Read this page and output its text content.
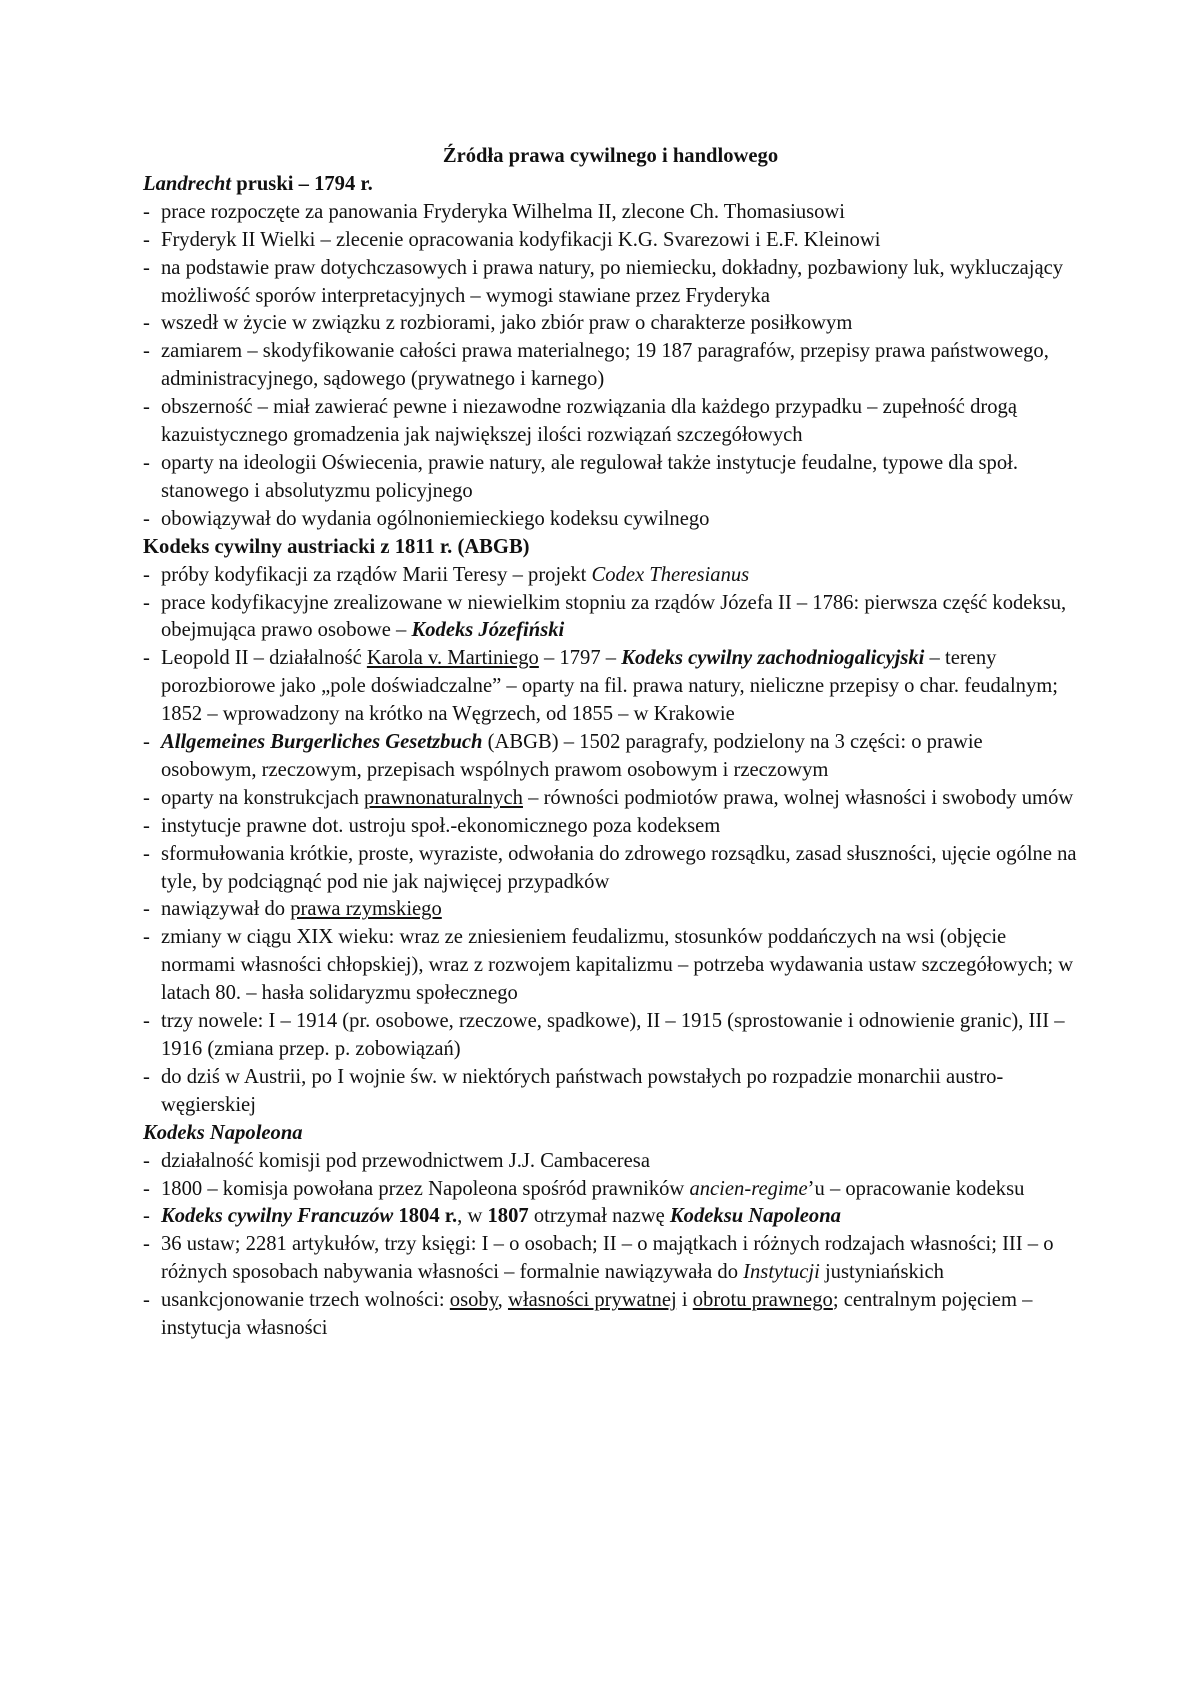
Źródła prawa cywilnego i handlowego
Landrecht pruski – 1794 r.
- prace rozpoczęte za panowania Fryderyka Wilhelma II, zlecone Ch. Thomasiusowi
- Fryderyk II Wielki – zlecenie opracowania kodyfikacji K.G. Svarezowi i E.F. Kleinowi
- na podstawie praw dotychczasowych i prawa natury, po niemiecku, dokładny, pozbawiony luk, wykluczający możliwość sporów interpretacyjnych – wymogi stawiane przez Fryderyka
- wszedł w życie w związku z rozbiorami, jako zbiór praw o charakterze posiłkowym
- zamiarem – skodyfikowanie całości prawa materialnego; 19 187 paragrafów, przepisy prawa państwowego, administracyjnego, sądowego (prywatnego i karnego)
- obszerność – miał zawierać pewne i niezawodne rozwiązania dla każdego przypadku – zupełność drogą kazuistycznego gromadzenia jak największej ilości rozwiązań szczegółowych
- oparty na ideologii Oświecenia, prawie natury, ale regulował także instytucje feudalne, typowe dla społ. stanowego i absolutyzmu policyjnego
- obowiązywał do wydania ogólnoniemieckiego kodeksu cywilnego
Kodeks cywilny austriacki z 1811 r. (ABGB)
- próby kodyfikacji za rządów Marii Teresy – projekt Codex Theresianus
- prace kodyfikacyjne zrealizowane w niewielkim stopniu za rządów Józefa II – 1786: pierwsza część kodeksu, obejmująca prawo osobowe – Kodeks Józefiński
- Leopold II – działalność Karola v. Martiniego – 1797 – Kodeks cywilny zachodniogalicyjski – tereny porozbiorowe jako „pole doświadczalne” – oparty na fil. prawa natury, nieliczne przepisy o char. feudalnym; 1852 – wprowadzony na krótko na Węgrzech, od 1855 – w Krakowie
- Allgemeines Burgerliches Gesetzbuch (ABGB) – 1502 paragrafy, podzielony na 3 części: o prawie osobowym, rzeczowym, przepisach wspólnych prawom osobowym i rzeczowym
- oparty na konstrukcjach prawnonaturalnych – równości podmiotów prawa, wolnej własności i swobody umów
- instytucje prawne dot. ustroju społ.-ekonomicznego poza kodeksem
- sformułowania krótkie, proste, wyraziste, odwołania do zdrowego rozsądku, zasad słuszności, ujęcie ogólne na tyle, by podciągnąć pod nie jak najwięcej przypadków
- nawiązywał do prawa rzymskiego
- zmiany w ciągu XIX wieku: wraz ze zniesieniem feudalizmu, stosunków poddańczych na wsi (objęcie normami własności chłopskiej), wraz z rozwojem kapitalizmu – potrzeba wydawania ustaw szczegółowych; w latach 80. – hasła solidaryzmu społecznego
- trzy nowele: I – 1914 (pr. osobowe, rzeczowe, spadkowe), II – 1915 (sprostowanie i odnowienie granic), III – 1916 (zmiana przep. p. zobowiązań)
- do dziś w Austrii, po I wojnie św. w niektórych państwach powstałych po rozpadzie monarchii austro-węgierskiej
Kodeks Napoleona
- działalność komisji pod przewodnictwem J.J. Cambaceresa
- 1800 – komisja powołana przez Napoleona spośród prawników ancien-regime’u – opracowanie kodeksu
- Kodeks cywilny Francuzów 1804 r., w 1807 otrzymał nazwę Kodeksu Napoleona
- 36 ustaw; 2281 artykułów, trzy księgi: I – o osobach; II – o majątkach i różnych rodzajach własności; III – o różnych sposobach nabywania własności – formalnie nawiązywała do Instytucji justyniańskich
- usankcjonowanie trzech wolności: osoby, własności prywatnej i obrotu prawnego; centralnym pojęciem – instytucja własności
